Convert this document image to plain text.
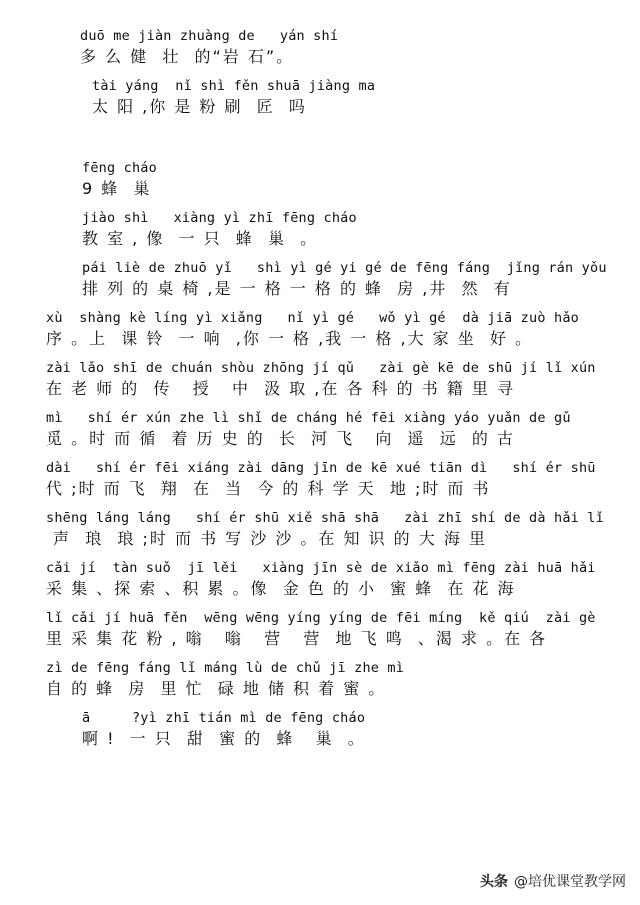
duō me jiàn zhuàng de   yán shí
多 么 健  壮  的“岩 石”。
tài yáng  nǐ shì fěn shuā jiàng ma
太 阳 ,你 是 粉 刷  匠  吗
fēng cháo
9 蜂  巢
jiào shì   xiàng yì zhī fēng cháo
教 室 , 像  一 只  蜂  巢  。
pái liè de zhuō yǐ   shì yì gé yi gé de fēng fáng  jǐng rán yǒu
排 列 的 桌 椅 ,是 一 格 一 格 的 蜂  房 ,井  然  有
xù  shàng kè líng yì xiǎng   nǐ yì gé   wǒ yì gé  dà jiā zuò hǎo
序 。上  课 铃  一 响  ,你 一 格 ,我 一 格 ,大 家 坐  好 。
zài lǎo shī de chuán shòu zhōng jí qǔ   zài gè kē de shū jí lǐ xún
在 老 师 的  传   授   中  汲 取 ,在 各 科 的 书 籍 里 寻
mì   shí ér xún zhe lì shǐ de cháng hé fēi xiàng yáo yuǎn de gǔ
觅 。时 而 循  着 历 史 的  长  河 飞   向  遥  远  的 古
dài   shí ér fēi xiáng zài dāng jīn de kē xué tiān dì   shí ér shū
代 ;时 而 飞  翔  在  当  今 的 科 学 天  地 ;时 而 书
shēng láng láng   shí ér shū xiě shā shā   zài zhī shí de dà hǎi lǐ
声  琅  琅 ;时 而 书 写 沙 沙 。在 知 识 的 大 海 里
cǎi jí  tàn suǒ  jī lěi   xiàng jīn sè de xiǎo mì fēng zài huā hǎi
采 集 、探 索 、积 累 。像  金 色 的 小  蜜 蜂  在 花 海
lǐ cǎi jí huā fěn  wēng wēng yíng yíng de fēi míng  kě qiú  zài gè
里 采 集 花 粉 , 嗡   嗡   营   营  地 飞 鸣  、渴 求 。在 各
zì de fēng fáng lǐ máng lù de chǔ jī zhe mì
自 的 蜂  房  里 忙  碌 地 储 积 着 蜜 。
ā     ?yì zhī tián mì de fēng cháo
啊 !  一 只  甜  蜜 的  蜂   巢  。
头条 @培优课堂教学网
